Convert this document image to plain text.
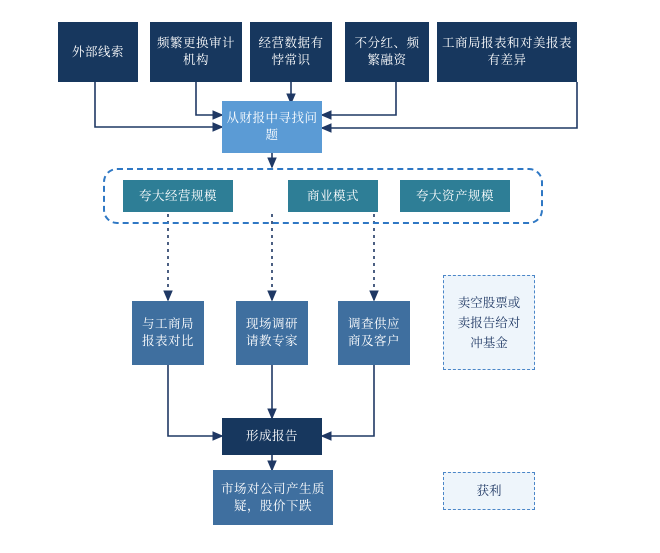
外部线索
频繁更换审计机构
经营数据有悖常识
不分红、频繁融资
工商局报表和对美报表有差异
从财报中寻找问题
夸大经营规模	商业模式	夸大资产规模
与工商局报表对比
现场调研请教专家
调查供应商及客户
形成报告
市场对公司产生质疑，股价下跌
卖空股票或卖报告给对冲基金
获利
